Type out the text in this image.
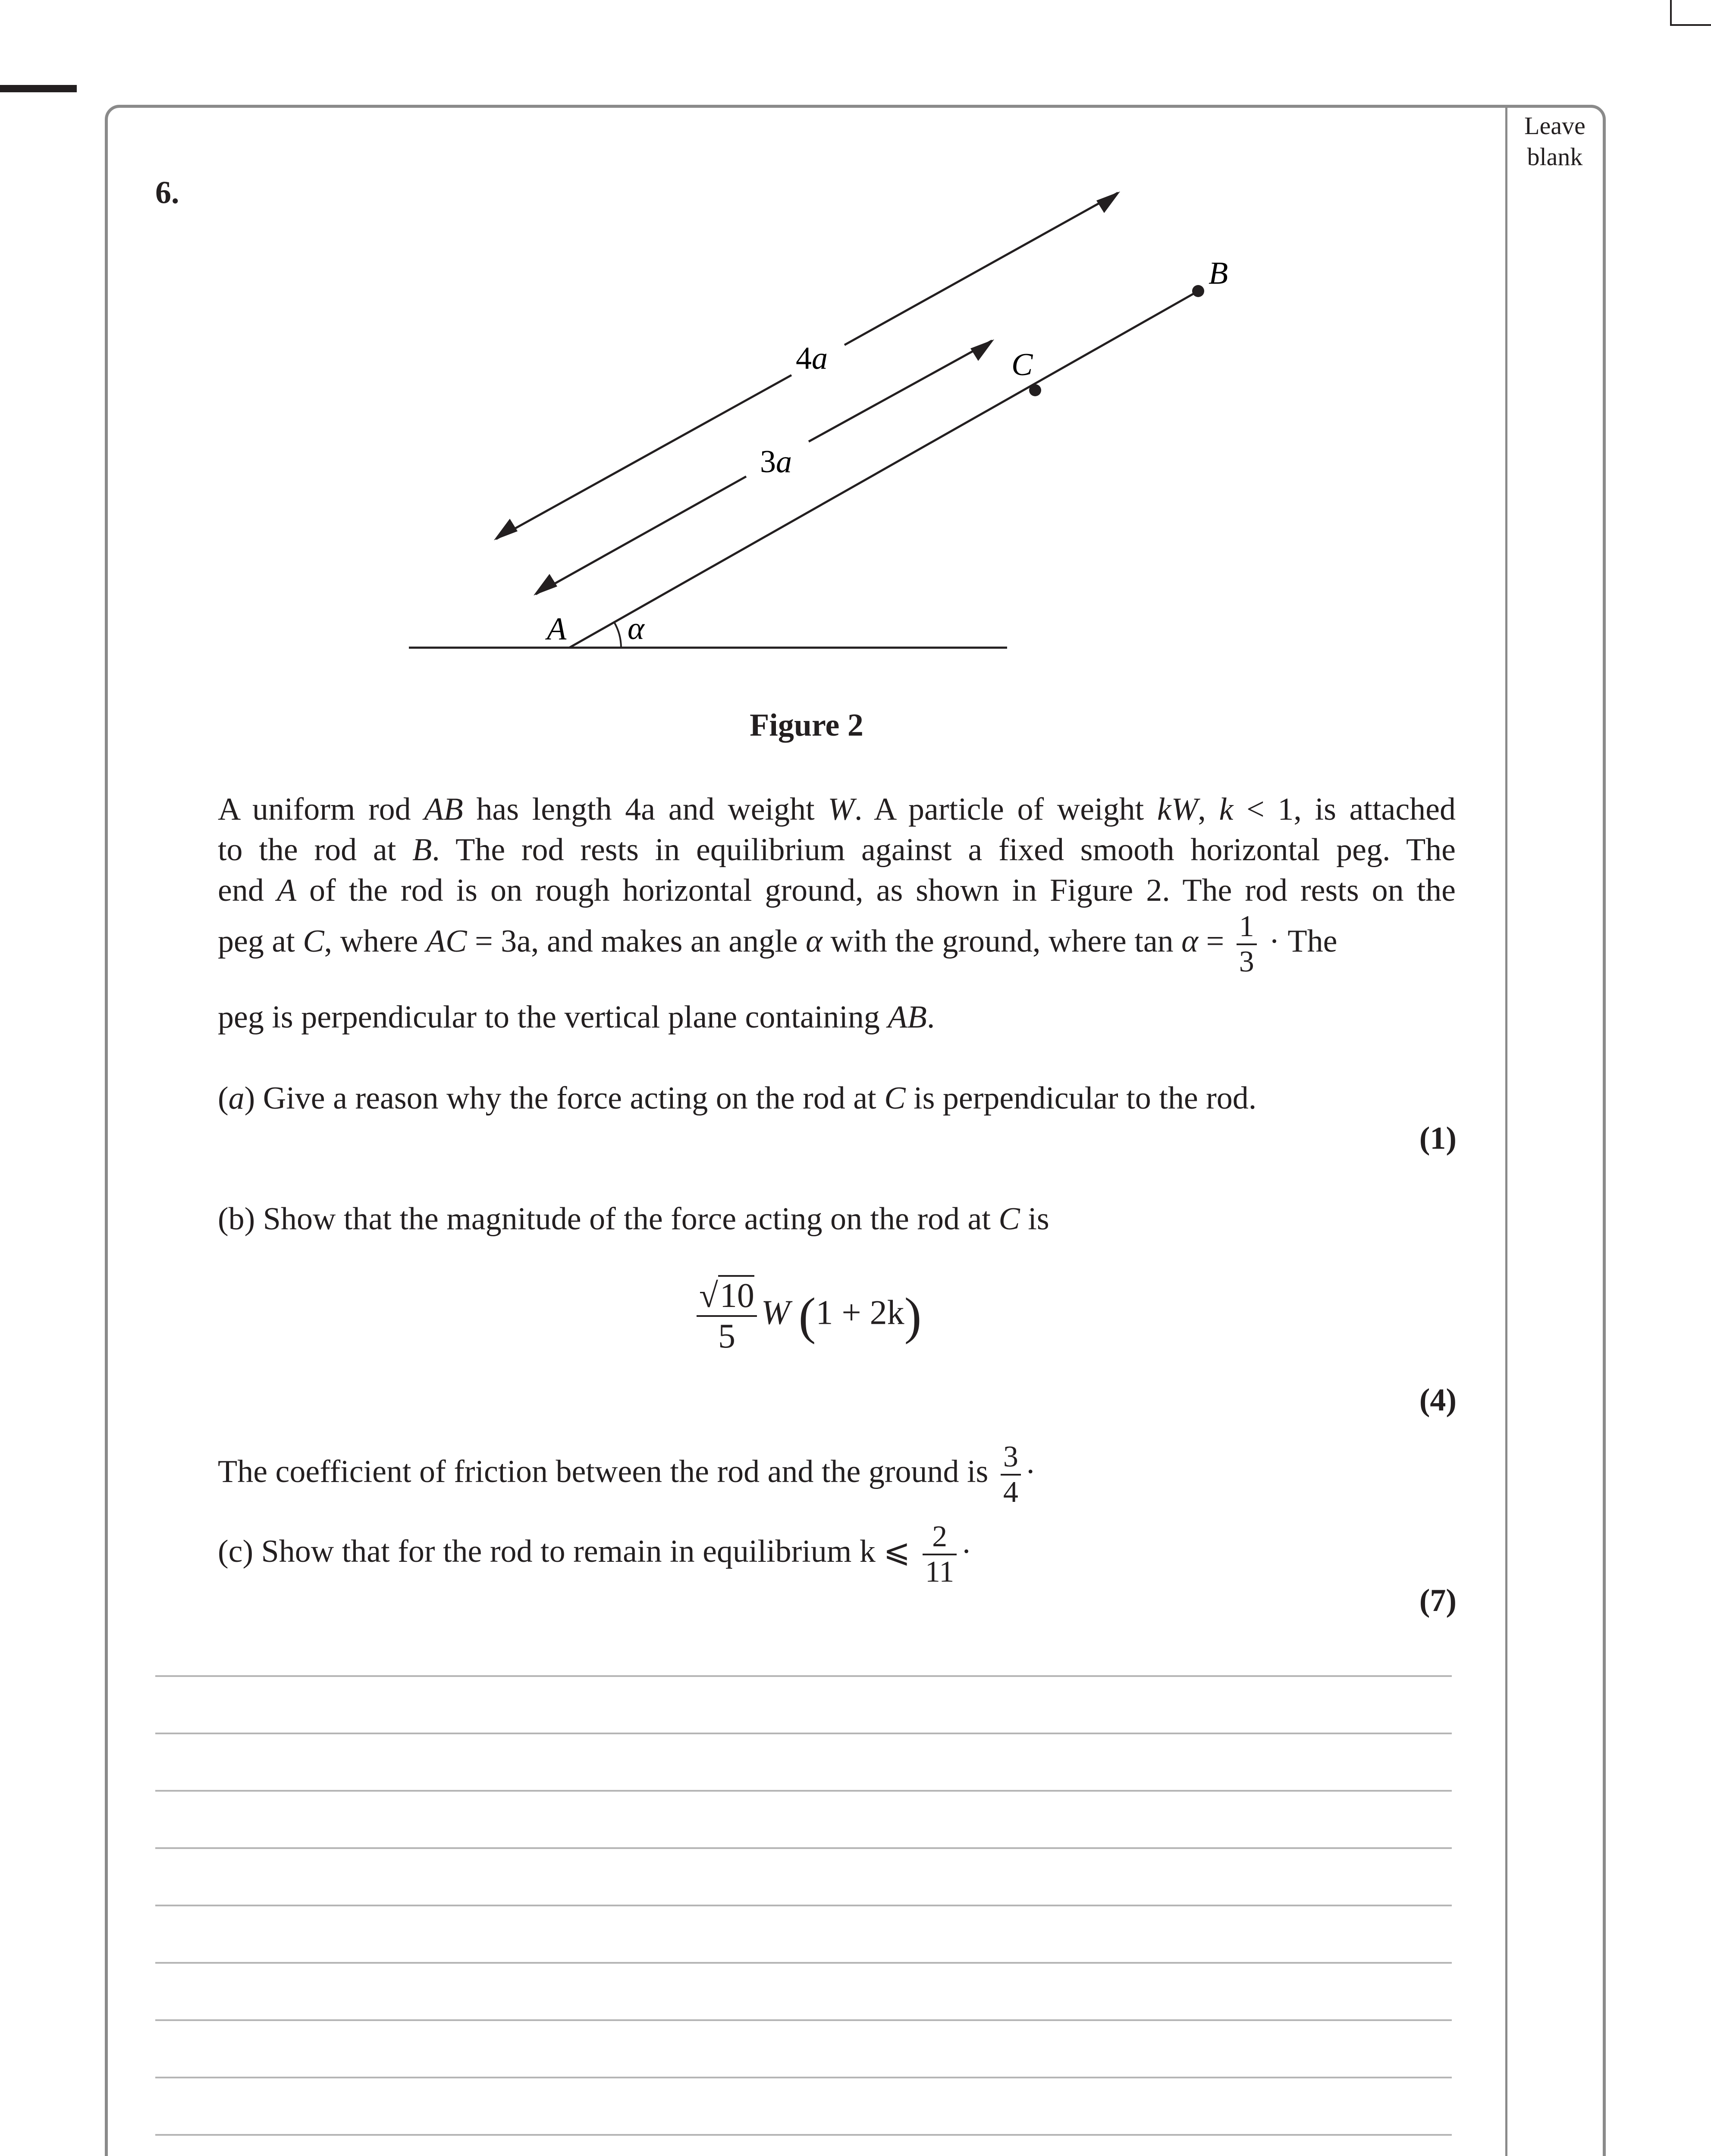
Leave blank
6.
4a
3a
A
B
C
α
Figure 2
A uniform rod AB has length 4a and weight W. A particle of weight kW, k < 1, is attached
to the rod at B. The rod rests in equilibrium against a fixed smooth horizontal peg. The
end A of the rod is on rough horizontal ground, as shown in Figure 2. The rod rests on the
peg at C, where AC = 3a, and makes an angle α with the ground, where $\tan \alpha = \frac{1}{3}$ · The
peg is perpendicular to the vertical plane containing AB.
(a) Give a reason why the force acting on the rod at C is perpendicular to the rod.
(1)
(b) Show that the magnitude of the force acting on the rod at C is
$\frac{√10}{5}$ W (1 + 2k)
(4)
The coefficient of friction between the rod and the ground is $\frac{3}{4}$ ·
(c) Show that for the rod to remain in equilibrium k ⩽ $\frac{2}{11}$ ·
(7)
